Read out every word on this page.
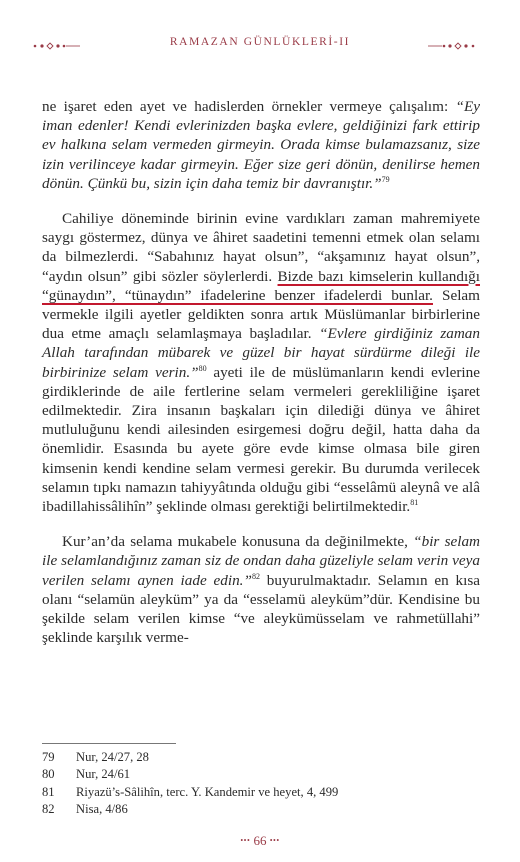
RAMAZAN GÜNLÜKLERİ-II

ne işaret eden ayet ve hadislerden örnekler vermeye çalışalım: “Ey iman edenler! Kendi evlerinizden başka evlere, geldiğinizi fark ettirip ev halkına selam vermeden girmeyin. Orada kimse bulamazsanız, size izin verilinceye kadar girmeyin. Eğer size geri dönün, denilirse hemen dönün. Çünkü bu, sizin için daha temiz bir davranıştır.”$^{79}$

Cahiliye döneminde birinin evine vardıkları zaman mahremiyete saygı göstermez, dünya ve âhiret saadetini temenni etmek olan selamı da bilmezlerdi. “Sabahınız hayat olsun”, “akşamınız hayat olsun”, “aydın olsun” gibi sözler söylerlerdi. Bizde bazı kimselerin kullandığı “günaydın”, “tünaydın” ifadelerine benzer ifadelerdi bunlar. Selam vermekle ilgili ayetler geldikten sonra artık Müslümanlar birbirlerine dua etme amaçlı selamlaşmaya başladılar. “Evlere girdiğiniz zaman Allah tarafından mübarek ve güzel bir hayat sürdürme dileği ile birbirinize selam verin.”$^{80}$ ayeti ile de müslümanların kendi evlerine girdiklerinde de aile fertlerine selam vermeleri gerekliliğine işaret edilmektedir. Zira insanın başkaları için dilediği dünya ve âhiret mutluluğunu kendi ailesinden esirgemesi doğru değil, hatta daha da önemlidir. Esasında bu ayete göre evde kimse olmasa bile giren kimsenin kendi kendine selam vermesi gerekir. Bu durumda verilecek selamın tıpkı namazın tahiyyâtında olduğu gibi “esselâmü aleynâ ve alâ ibadillahissâlihîn” şeklinde olması gerektiği belirtilmektedir.$^{81}$

Kur’an’da selama mukabele konusuna da değinilmekte, “bir selam ile selamlandığınız zaman siz de ondan daha güzeliyle selam verin veya verilen selamı aynen iade edin.”$^{82}$ buyurulmaktadır. Selamın en kısa olanı “selamün aleyküm” ya da “esselamü aleyküm”dür. Kendisine bu şekilde selam verilen kimse “ve aleykümüsselam ve rahmetüllahi” şeklinde karşılık verme-

79	Nur, 24/27, 28
80	Nur, 24/61
81	Riyazü’s-Sâlihîn, terc. Y. Kandemir ve heyet, 4, 499
82	Nisa, 4/86
••• 66 •••
